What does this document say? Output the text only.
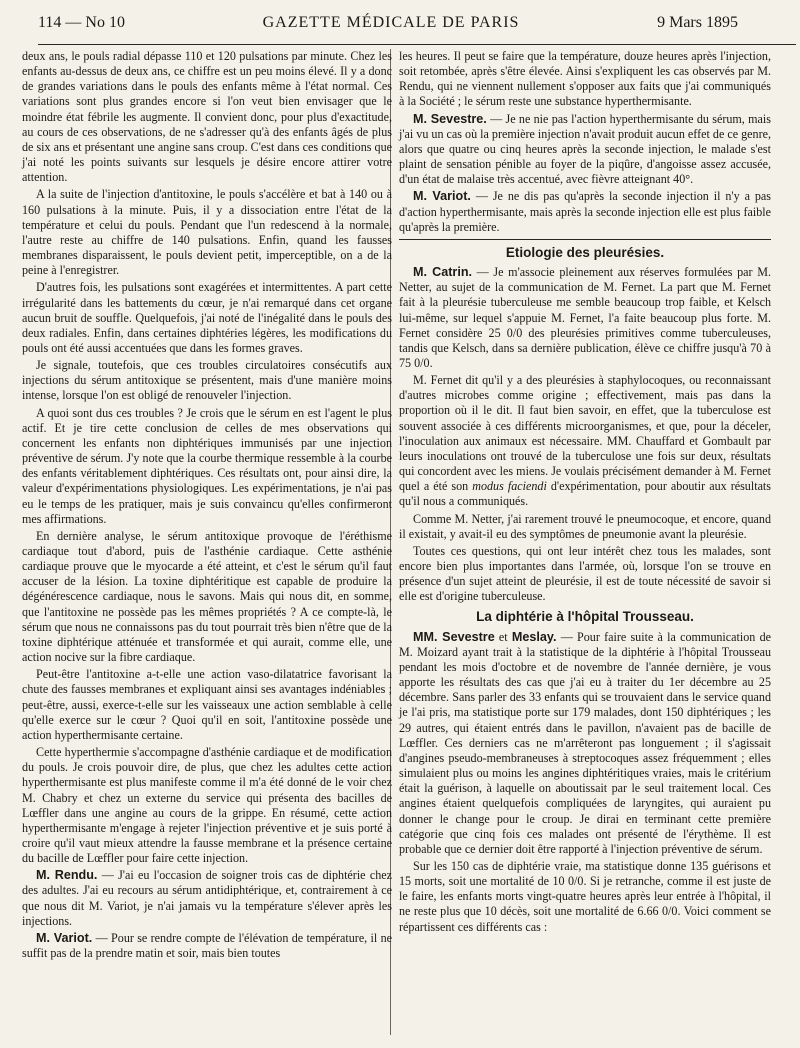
114 — No 10	GAZETTE MÉDICALE DE PARIS	9 Mars 1895

deux ans, le pouls radial dépasse 110 et 120 pulsations par minute. Chez les enfants au-dessus de deux ans, ce chiffre est un peu moins élevé. Il y a donc de grandes variations dans le pouls des enfants même à l'état normal. Ces variations sont plus grandes encore si l'on veut bien envisager que le moindre état fébrile les augmente. Il convient donc, pour plus d'exactitude, au cours de ces observations, de ne s'adresser qu'à des enfants âgés de plus de six ans et présentant une angine sans croup. C'est dans ces conditions que j'ai noté les points suivants sur lesquels je désire encore attirer votre attention.

A la suite de l'injection d'antitoxine, le pouls s'accélère et bat à 140 ou à 160 pulsations à la minute. Puis, il y a dissociation entre l'état de la température et celui du pouls. Pendant que l'un redescend à la normale, l'autre reste au chiffre de 140 pulsations. Enfin, quand les fausses membranes disparaissent, le pouls devient petit, imperceptible, on a de la peine à l'enregistrer.

D'autres fois, les pulsations sont exagérées et intermittentes. A part cette irrégularité dans les battements du cœur, je n'ai remarqué dans cet organe aucun bruit de souffle. Quelquefois, j'ai noté de l'inégalité dans le pouls des deux radiales. Enfin, dans certaines diphtéries légères, les modifications du pouls ont été aussi accentuées que dans les formes graves.

Je signale, toutefois, que ces troubles circulatoires consécutifs aux injections du sérum antitoxique se présentent, mais d'une manière moins intense, lorsque l'on est obligé de renouveler l'injection.

A quoi sont dus ces troubles ? Je crois que le sérum en est l'agent le plus actif. Et je tire cette conclusion de celles de mes observations qui concernent les enfants non diphtériques immunisés par une injection préventive de sérum. J'y note que la courbe thermique ressemble à la courbe des enfants véritablement diphtériques. Ces résultats ont, pour ainsi dire, la valeur d'expérimentations physiologiques. Les expérimentations, je n'ai pas eu le temps de les pratiquer, mais je suis convaincu qu'elles confirmeront mes affirmations.

En dernière analyse, le sérum antitoxique provoque de l'éréthisme cardiaque tout d'abord, puis de l'asthénie cardiaque. Cette asthénie cardiaque prouve que le myocarde a été atteint, et c'est le sérum qu'il faut accuser de la lésion. La toxine diphtéritique est capable de produire la dégénérescence cardiaque, nous le savons. Mais qui nous dit, en somme, que l'antitoxine ne possède pas les mêmes propriétés ? A ce compte-là, le sérum que nous ne connaissons pas du tout pourrait très bien n'être que de la toxine diphtérique atténuée et transformée et qui aurait, comme elle, une action nocive sur la fibre cardiaque.

Peut-être l'antitoxine a-t-elle une action vaso-dilatatrice favorisant la chute des fausses membranes et expliquant ainsi ses avantages indéniables ; peut-être, aussi, exerce-t-elle sur les vaisseaux une action semblable à celle qu'elle exerce sur le cœur ? Quoi qu'il en soit, l'antitoxine possède une action hyperthermisante certaine.

Cette hyperthermie s'accompagne d'asthénie cardiaque et de modification du pouls. Je crois pouvoir dire, de plus, que chez les adultes cette action hyperthermisante est plus manifeste comme il m'a été donné de le voir chez M. Chabry et chez un externe du service qui présenta des bacilles de Lœffler dans une angine au cours de la grippe. En résumé, cette action hyperthermisante m'engage à rejeter l'injection préventive et je suis porté à croire qu'il vaut mieux attendre la fausse membrane et la présence certaine du bacille de Lœffler pour faire cette injection.

M. Rendu. — J'ai eu l'occasion de soigner trois cas de diphtérie chez des adultes. J'ai eu recours au sérum antidiphtérique, et, contrairement à ce que nous dit M. Variot, je n'ai jamais vu la température s'élever après les injections.

M. Variot. — Pour se rendre compte de l'élévation de température, il ne suffit pas de la prendre matin et soir, mais bien toutes

les heures. Il peut se faire que la température, douze heures après l'injection, soit retombée, après s'être élevée. Ainsi s'expliquent les cas observés par M. Rendu, qui ne viennent nullement s'opposer aux faits que j'ai communiqués à la Société ; le sérum reste une substance hyperthermisante.

M. Sevestre. — Je ne nie pas l'action hyperthermisante du sérum, mais j'ai vu un cas où la première injection n'avait produit aucun effet de ce genre, alors que quatre ou cinq heures après la seconde injection, le malade s'est plaint de sensation pénible au foyer de la piqûre, d'angoisse assez accusée, d'un état de malaise très accentué, avec fièvre atteignant 40°.

M. Variot. — Je ne dis pas qu'après la seconde injection il n'y a pas d'action hyperthermisante, mais après la seconde injection elle est plus faible qu'après la première.

Etiologie des pleurésies.

M. Catrin. — Je m'associe pleinement aux réserves formulées par M. Netter, au sujet de la communication de M. Fernet. La part que M. Fernet fait à la pleurésie tuberculeuse me semble beaucoup trop faible, et Kelsch lui-même, sur lequel s'appuie M. Fernet, l'a faite beaucoup plus forte. M. Fernet considère 25 0/0 des pleurésies primitives comme tuberculeuses, tandis que Kelsch, dans sa dernière publication, élève ce chiffre jusqu'à 70 à 75 0/0.

M. Fernet dit qu'il y a des pleurésies à staphylocoques, ou reconnaissant d'autres microbes comme origine ; effectivement, mais pas dans la proportion où il le dit. Il faut bien savoir, en effet, que la tuberculose est souvent associée à ces différents microorganismes, et que, pour la déceler, l'inoculation aux animaux est nécessaire. MM. Chauffard et Gombault par leurs inoculations ont trouvé de la tuberculose une fois sur deux, résultats qui concordent avec les miens. Je voulais précisément demander à M. Fernet quel a été son modus faciendi d'expérimentation, pour aboutir aux résultats qu'il nous a communiqués.

Comme M. Netter, j'ai rarement trouvé le pneumocoque, et encore, quand il existait, y avait-il eu des symptômes de pneumonie avant la pleurésie.

Toutes ces questions, qui ont leur intérêt chez tous les malades, sont encore bien plus importantes dans l'armée, où, lorsque l'on se trouve en présence d'un sujet atteint de pleurésie, il est de toute nécessité de savoir si elle est d'origine tuberculeuse.

La diphtérie à l'hôpital Trousseau.

MM. Sevestre et Meslay. — Pour faire suite à la communication de M. Moizard ayant trait à la statistique de la diphtérie à l'hôpital Trousseau pendant les mois d'octobre et de novembre de l'année dernière, je vous apporte les résultats des cas que j'ai eu à traiter du 1er décembre au 25 décembre. Sans parler des 33 enfants qui se trouvaient dans le service quand je l'ai pris, ma statistique porte sur 179 malades, dont 150 diphtériques ; les 29 autres, qui étaient entrés dans le pavillon, n'avaient pas de bacille de Lœffler. Ces derniers cas ne m'arrêteront pas longuement ; il s'agissait d'angines pseudo-membraneuses à streptocoques assez fréquemment ; elles simulaient plus ou moins les angines diphtéritiques vraies, mais le critérium était la guérison, à laquelle on aboutissait par le seul traitement local. Ces angines étaient quelquefois compliquées de laryngites, qui auraient pu donner le change pour le croup. Je dirai en terminant cette première catégorie que cinq fois ces malades ont présenté de l'érythème. Il est probable que ce dernier doit être rapporté à l'injection préventive de sérum.

Sur les 150 cas de diphtérie vraie, ma statistique donne 135 guérisons et 15 morts, soit une mortalité de 10 0/0. Si je retranche, comme il est juste de le faire, les enfants morts vingt-quatre heures après leur entrée à l'hôpital, il ne reste plus que 10 décès, soit une mortalité de 6.66 0/0. Voici comment se répartissent ces différents cas :
